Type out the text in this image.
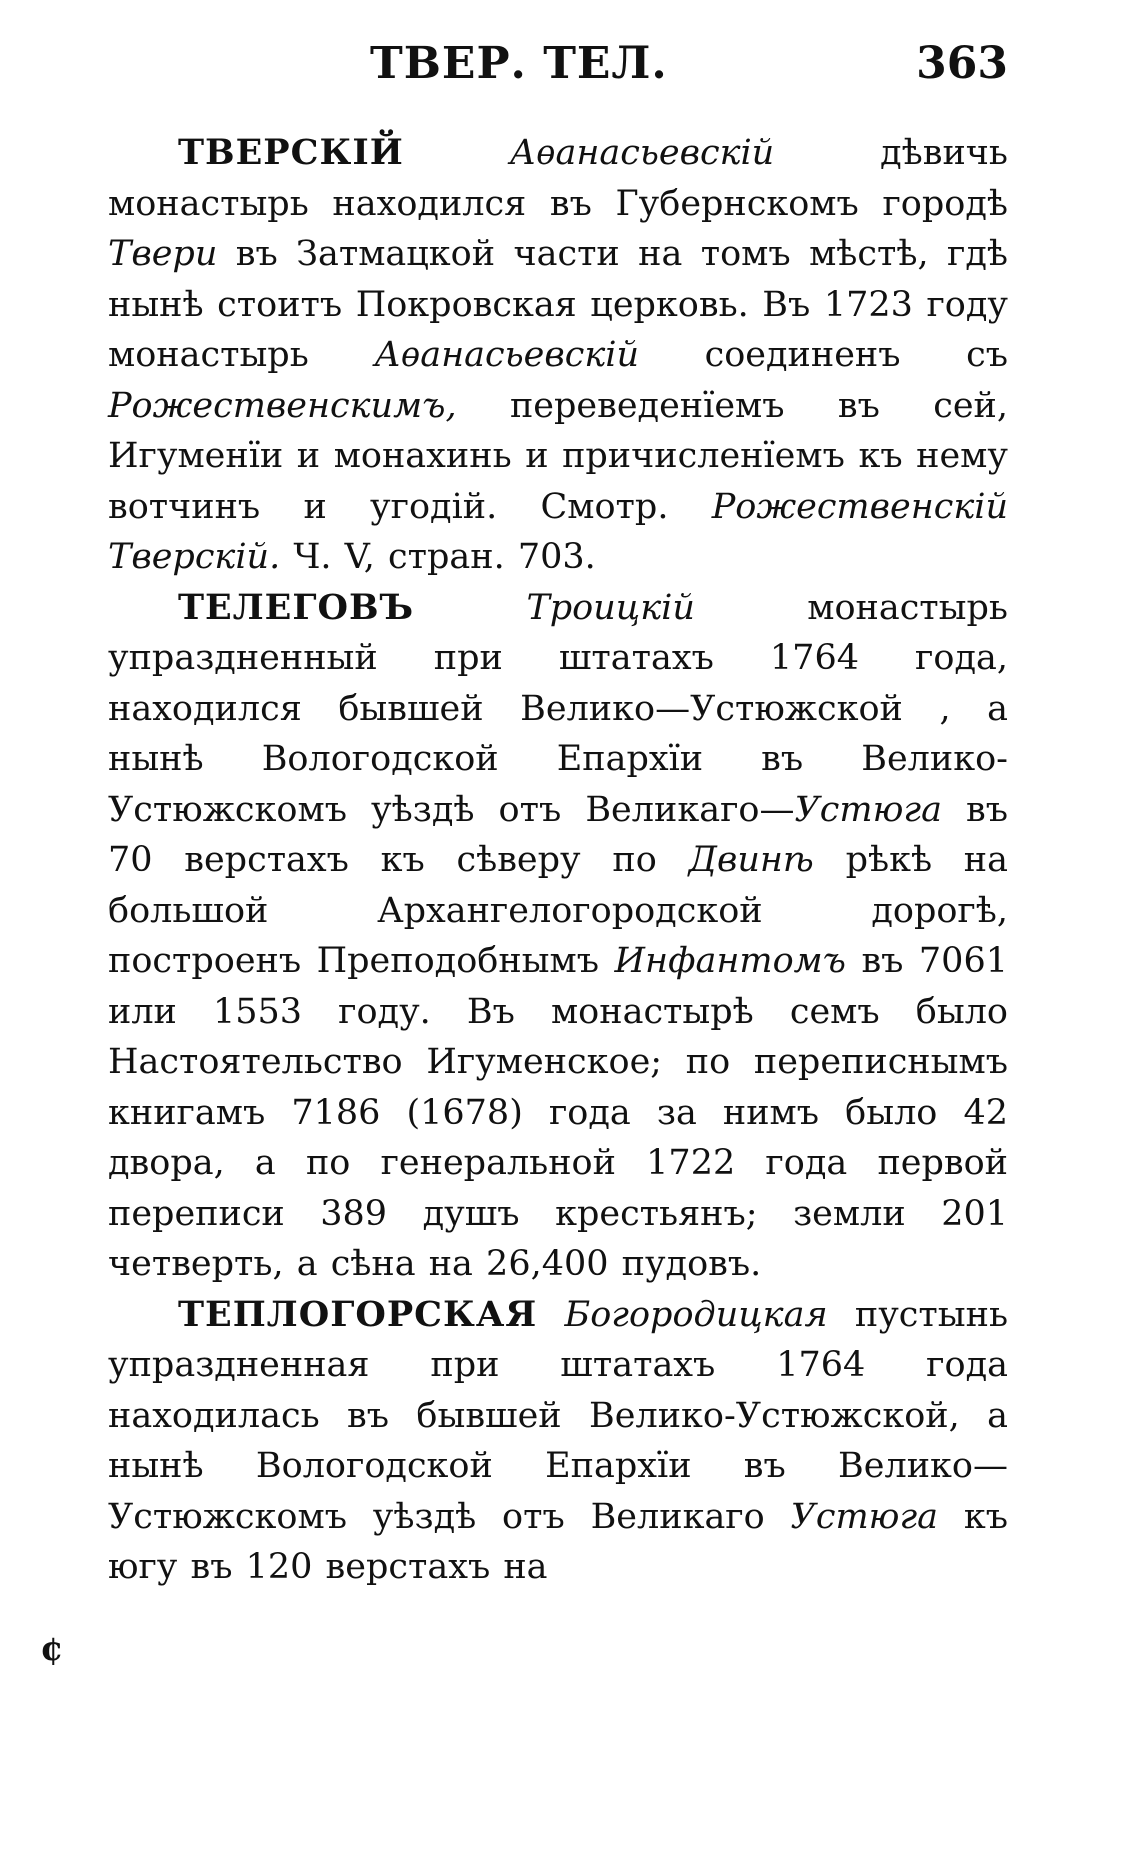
ТВЕР. ТЕЛ.	363

ТВЕРСКІЙ	Аѳанасьевскій	дѣвичь монастырь находился въ Губернскомъ городѣ Твери въ Затмацкой части на томъ мѣстѣ, гдѣ нынѣ стоитъ Покровская церковь. Въ 1723 году монастырь Аѳанасьевскій соединенъ съ Рожественскимъ, переведенїемъ въ сей, Игуменїи и монахинь и причисленїемъ къ нему вотчинъ и угодій. Смотр. Рожественскій Тверскій. Ч. V, стран. 703.

ТЕЛЕГОВЪ	Троицкій	монастырь упраздненный при штатахъ 1764 года, находился бывшей Велико—Устюжской , а нынѣ Вологодской Епархїи въ Велико-Устюжскомъ уѣздѣ отъ Великаго—Устюга въ 70 верстахъ къ сѣверу по Двинѣ рѣкѣ на большой Архангелогородской дорогѣ, построенъ Преподобнымъ Инфантомъ въ 7061 или 1553 году. Въ монастырѣ семъ было Настоятельство Игуменское; по переписнымъ книгамъ 7186 (1678) года за нимъ было 42 двора, а по генеральной 1722 года первой переписи 389 душъ крестьянъ; земли 201 четверть, а сѣна на 26,400 пудовъ.

ТЕПЛОГОРСКАЯ Богородицкая пустынь упраздненная при штатахъ 1764 года находилась въ бывшей Велико-Устюжской, а нынѣ Вологодской Епархїи въ Велико—Устюжскомъ уѣздѣ отъ Великаго Устюга къ югу въ 120 верстахъ на

¢
